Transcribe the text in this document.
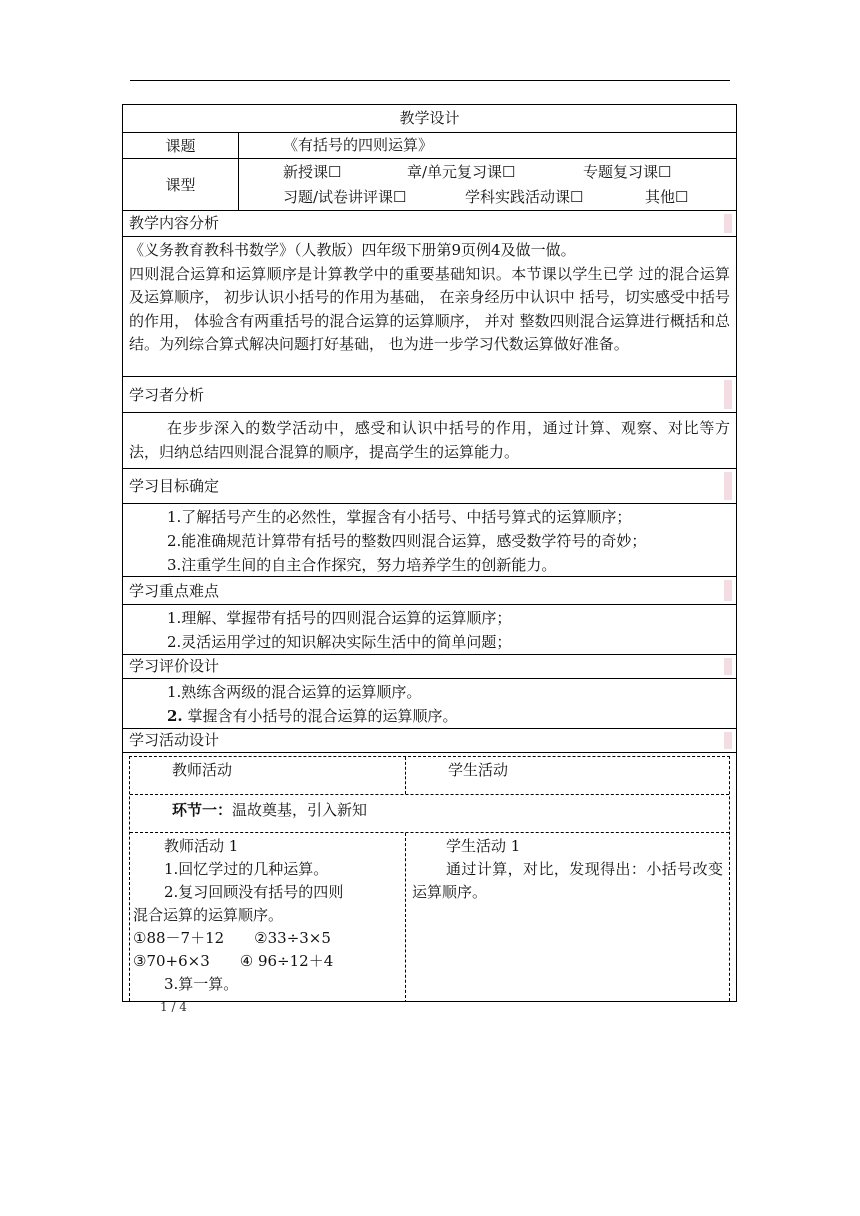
教学设计
课题	《有括号的四则运算》
课型
新授课☐	章/单元复习课☐	专题复习课☐
习题/试卷讲评课☐	学科实践活动课☐	其他☐
教学内容分析

《义务教育教科书数学》（人教版）四年级下册第9页例4及做一做。

四则混合运算和运算顺序是计算教学中的重要基础知识。本节课以学生已学 过的混合运算及运算顺序， 初步认识小括号的作用为基础， 在亲身经历中认识中 括号，切实感受中括号的作用， 体验含有两重括号的混合运算的运算顺序， 并对 整数四则混合运算进行概括和总结。为列综合算式解决问题打好基础， 也为进一步学习代数运算做好准备。

学习者分析

在步步深入的数学活动中，感受和认识中括号的作用，通过计算、观察、对比等方法，归纳总结四则混合混算的顺序，提高学生的运算能力。

学习目标确定
1.了解括号产生的必然性，掌握含有小括号、中括号算式的运算顺序；
2.能准确规范计算带有括号的整数四则混合运算，感受数学符号的奇妙；
3.注重学生间的自主合作探究，努力培养学生的创新能力。
学习重点难点
1.理解、掌握带有括号的四则混合运算的运算顺序；
2.灵活运用学过的知识解决实际生活中的简单问题；
学习评价设计
1.熟练含两级的混合运算的运算顺序。
2. 掌握含有小括号的混合运算的运算顺序。
学习活动设计
教师活动	学生活动
环节一：温故奠基，引入新知
教师活动 1
1.回忆学过的几种运算。
2.复习回顾没有括号的四则
混合运算的运算顺序。
①88－7＋12　　②33÷3×5
③70+6×3　　④ 96÷12＋4
3.算一算。
学生活动 1
通过计算，对比，发现得出：小括号改变运算顺序。
1 / 4
